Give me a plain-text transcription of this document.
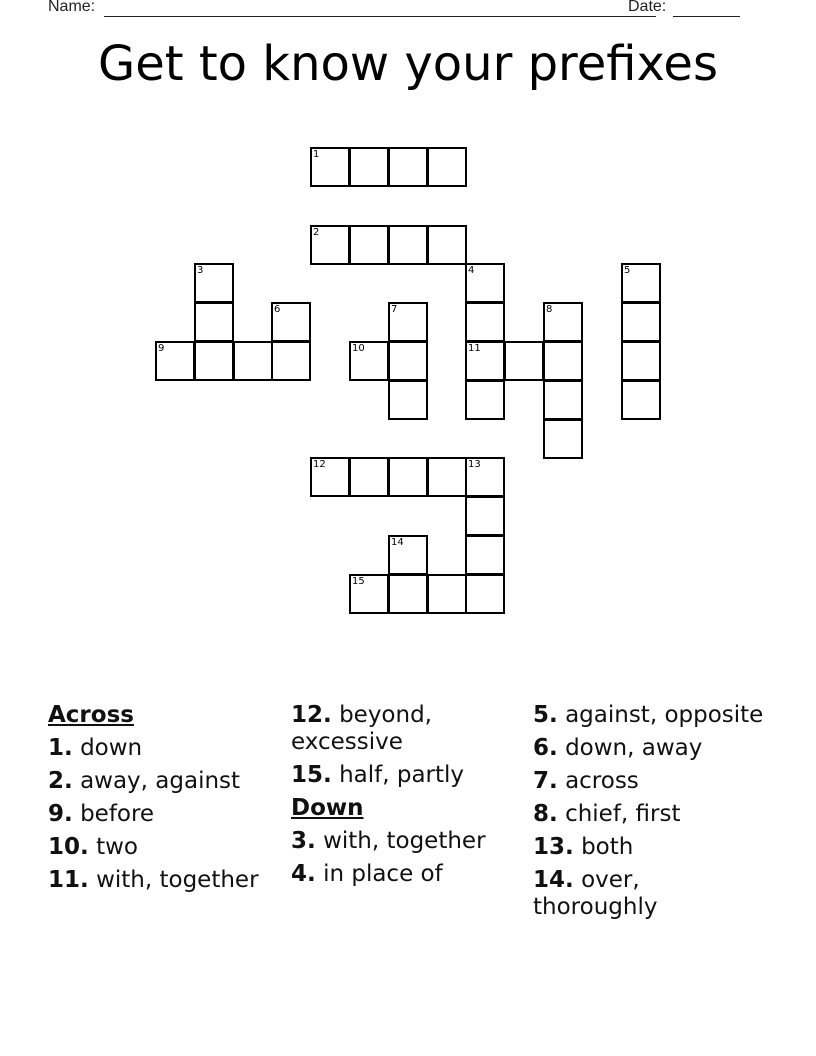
Name:	Date:
Get to know your prefixes
1
2
3	4	5
6	7	8
9	10	11
12	13
14
15
Across
1. down
2. away, against
9. before
10. two
11. with, together
12. beyond, excessive
15. half, partly
Down
3. with, together
4. in place of
5. against, opposite
6. down, away
7. across
8. chief, first
13. both
14. over, thoroughly
